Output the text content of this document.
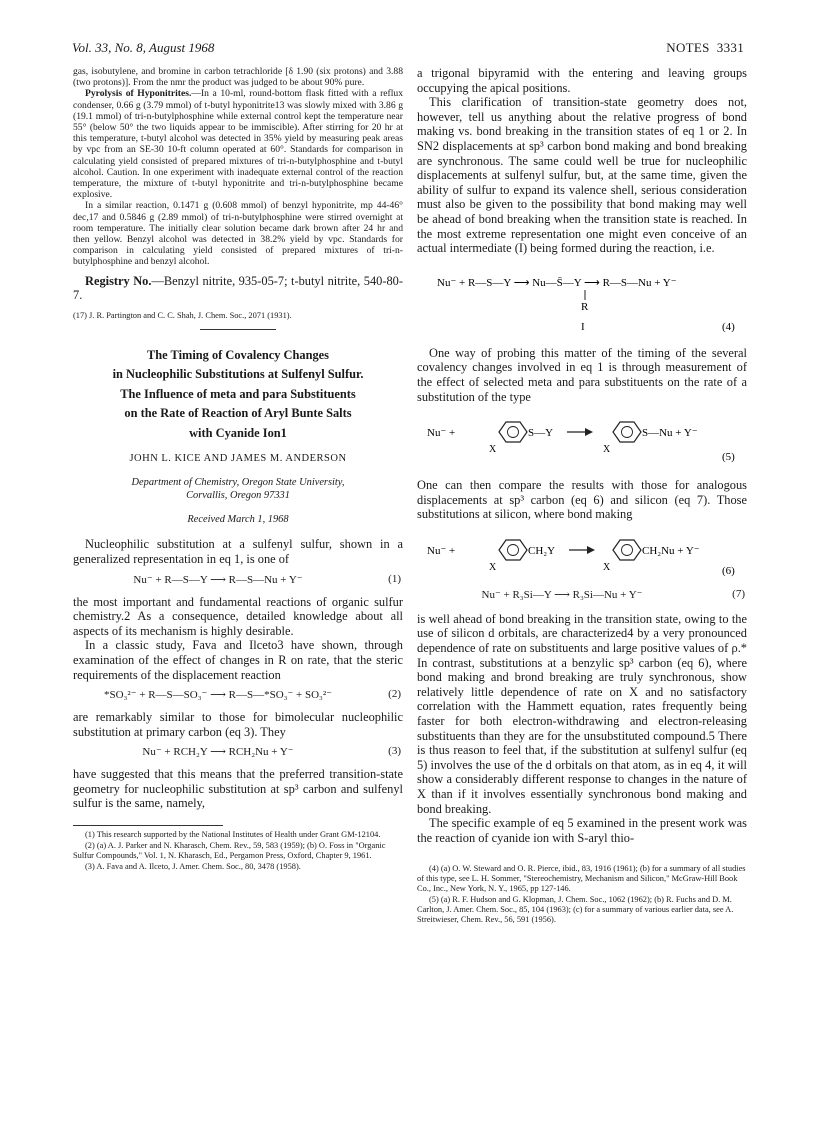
Vol. 33, No. 8, August 1968	NOTES 3331

gas, isobutylene, and bromine in carbon tetrachloride [δ 1.90 (six protons) and 3.88 (two protons)]. From the nmr the product was judged to be about 90% pure.

Pyrolysis of Hyponitrites.—In a 10-ml, round-bottom flask fitted with a reflux condenser, 0.66 g (3.79 mmol) of t-butyl hyponitrite13 was slowly mixed with 3.86 g (19.1 mmol) of tri-n-butylphosphine while external control kept the temperature near 55° (below 50° the two liquids appear to be immiscible). After stirring for 20 hr at this temperature, t-butyl alcohol was detected in 35% yield by measuring peak areas by vpc from an SE-30 10-ft column operated at 60°. Standards for comparison in calculating yield consisted of prepared mixtures of tri-n-butylphosphine and t-butyl alcohol. Caution. In one experiment with inadequate external control of the reaction temperature, the mixture of t-butyl hyponitrite and tri-n-butylphosphine became explosive.

In a similar reaction, 0.1471 g (0.608 mmol) of benzyl hyponitrite, mp 44-46° dec,17 and 0.5846 g (2.89 mmol) of tri-n-butylphosphine were stirred overnight at room temperature. The initially clear solution became dark brown after 24 hr and then yellow. Benzyl alcohol was detected in 38.2% yield by vpc. Standards for comparison in calculating yield consisted of prepared mixtures of tri-n-butylphosphine and benzyl alcohol.

Registry No.—Benzyl nitrite, 935-05-7; t-butyl nitrite, 540-80-7.

(17) J. R. Partington and C. C. Shah, J. Chem. Soc., 2071 (1931).

The Timing of Covalency Changes
in Nucleophilic Substitutions at Sulfenyl Sulfur.
The Influence of meta and para Substituents
on the Rate of Reaction of Aryl Bunte Salts
with Cyanide Ion1
JOHN L. KICE AND JAMES M. ANDERSON
Department of Chemistry, Oregon State University,
Corvallis, Oregon 97331
Received March 1, 1968

Nucleophilic substitution at a sulfenyl sulfur, shown in a generalized representation in eq 1, is one of

Nu⁻ + R—S—Y ⟶ R—S—Nu + Y⁻	(1)

the most important and fundamental reactions of organic sulfur chemistry.2 As a consequence, detailed knowledge about all aspects of its mechanism is highly desirable.

In a classic study, Fava and Ilceto3 have shown, through examination of the effect of changes in R on rate, that the steric requirements of the displacement reaction

*SO₃²⁻ + R—S—SO₃⁻ ⟶ R—S—*SO₃⁻ + SO₃²⁻	(2)

are remarkably similar to those for bimolecular nucleophilic substitution at primary carbon (eq 3). They

Nu⁻ + RCH₂Y ⟶ RCH₂Nu + Y⁻	(3)

have suggested that this means that the preferred transition-state geometry for nucleophilic substitution at sp³ carbon and sulfenyl sulfur is the same, namely,

(1) This research supported by the National Institutes of Health under Grant GM-12104.

(2) (a) A. J. Parker and N. Kharasch, Chem. Rev., 59, 583 (1959); (b) O. Foss in "Organic Sulfur Compounds," Vol. 1, N. Kharasch, Ed., Pergamon Press, Oxford, Chapter 9, 1961.

(3) A. Fava and A. Ilceto, J. Amer. Chem. Soc., 80, 3478 (1958).

a trigonal bipyramid with the entering and leaving groups occupying the apical positions.

This clarification of transition-state geometry does not, however, tell us anything about the relative progress of bond making vs. bond breaking in the transition states of eq 1 or 2. In SN2 displacements at sp³ carbon bond making and bond breaking are synchronous. The same could well be true for nucleophilic displacements at sulfenyl sulfur, but, at the same time, given the ability of sulfur to expand its valence shell, serious consideration must also be given to the possibility that bond making may well be ahead of bond breaking when the transition state is reached. In the most extreme representation one might even conceive of an actual intermediate (I) being formed during the reaction, i.e.

Nu⁻ + R—S—Y ⟶ Nu—S̄—Y ⟶ R—S—Nu + Y⁻
R
I	(4)

One way of probing this matter of the timing of the several covalency changes involved in eq 1 is through measurement of the effect of selected meta and para substituents on the rate of a substitution of the type

Nu⁻ +
X
S—Y
X
S—Nu + Y⁻
(5)

One can then compare the results with those for analogous displacements at sp³ carbon (eq 6) and silicon (eq 7). Those substitutions at silicon, where bond making

Nu⁻ +
X
CH₂Y
X
CH₂Nu + Y⁻
(6)
Nu⁻ + R₃Si—Y ⟶ R₃Si—Nu + Y⁻	(7)

is well ahead of bond breaking in the transition state, owing to the use of silicon d orbitals, are characterized4 by a very pronounced dependence of rate on substituents and large positive values of ρ.* In contrast, substitutions at a benzylic sp³ carbon (eq 6), where bond making and brond breaking are truly synchronous, show relatively little dependence of rate on X and no satisfactory correlation with the Hammett equation, rates frequently being faster for both electron-withdrawing and electron-releasing substituents than they are for the unsubstituted compound.5 There is thus reason to feel that, if the substitution at sulfenyl sulfur (eq 5) involves the use of the d orbitals on that atom, as in eq 4, it will show a considerably different response to changes in the nature of X than if it involves essentially synchronous bond making and bond breaking.

The specific example of eq 5 examined in the present work was the reaction of cyanide ion with S-aryl thio-

(4) (a) O. W. Steward and O. R. Pierce, ibid., 83, 1916 (1961); (b) for a summary of all studies of this type, see L. H. Sommer, "Stereochemistry, Mechanism and Silicon," McGraw-Hill Book Co., Inc., New York, N. Y., 1965, pp 127-146.

(5) (a) R. F. Hudson and G. Klopman, J. Chem. Soc., 1062 (1962); (b) R. Fuchs and D. M. Carlton, J. Amer. Chem. Soc., 85, 104 (1963); (c) for a summary of various earlier data, see A. Streitwieser, Chem. Rev., 56, 591 (1956).
